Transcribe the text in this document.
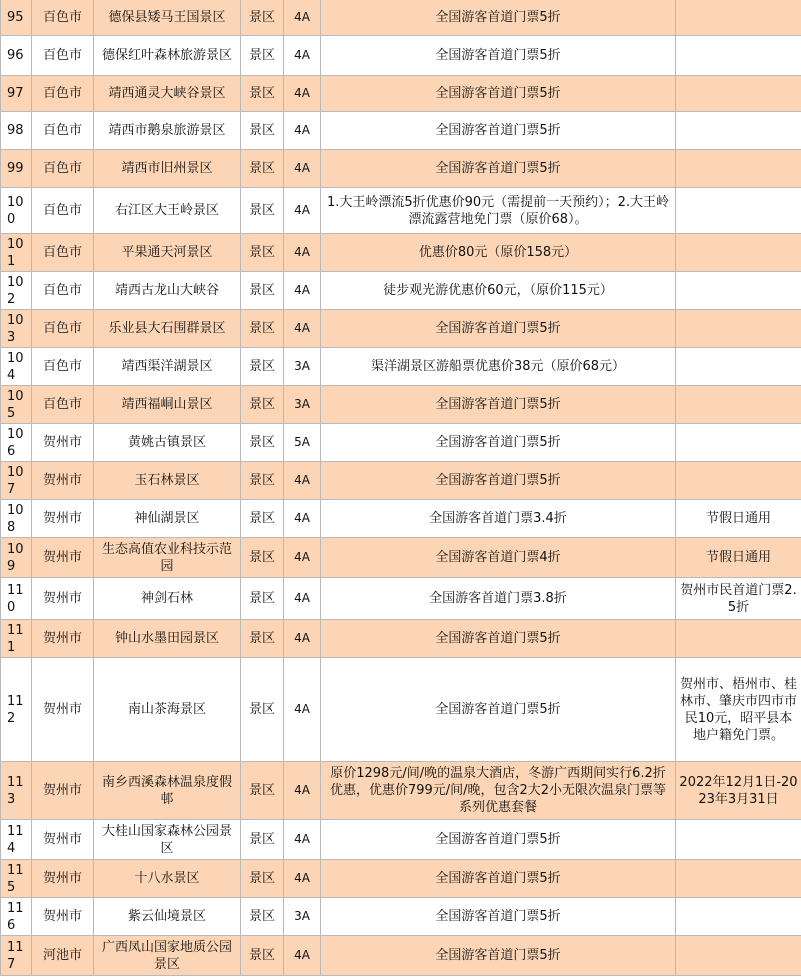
95	百色市	德保县矮马王国景区	景区	4A	全国游客首道门票5折	
96	百色市	德保红叶森林旅游景区	景区	4A	全国游客首道门票5折	
97	百色市	靖西通灵大峡谷景区	景区	4A	全国游客首道门票5折	
98	百色市	靖西市鹅泉旅游景区	景区	4A	全国游客首道门票5折	
99	百色市	靖西市旧州景区	景区	4A	全国游客首道门票5折	
100	百色市	右江区大王岭景区	景区	4A	1.大王岭漂流5折优惠价90元（需提前一天预约）；2.大王岭漂流露营地免门票（原价68）。	
101	百色市	平果通天河景区	景区	4A	优惠价80元（原价158元）	
102	百色市	靖西古龙山大峡谷	景区	4A	徒步观光游优惠价60元，（原价115元）	
103	百色市	乐业县大石围群景区	景区	4A	全国游客首道门票5折	
104	百色市	靖西渠洋湖景区	景区	3A	渠洋湖景区游船票优惠价38元（原价68元）	
105	百色市	靖西福峒山景区	景区	3A	全国游客首道门票5折	
106	贺州市	黄姚古镇景区	景区	5A	全国游客首道门票5折	
107	贺州市	玉石林景区	景区	4A	全国游客首道门票5折	
108	贺州市	神仙湖景区	景区	4A	全国游客首道门票3.4折	节假日通用
109	贺州市	生态高值农业科技示范园	景区	4A	全国游客首道门票4折	节假日通用
110	贺州市	神剑石林	景区	4A	全国游客首道门票3.8折	贺州市民首道门票2.5折
111	贺州市	钟山水墨田园景区	景区	4A	全国游客首道门票5折	
112	贺州市	南山茶海景区	景区	4A	全国游客首道门票5折	贺州市、梧州市、桂林市、肇庆市四市市民10元，昭平县本地户籍免门票。
113	贺州市	南乡西溪森林温泉度假邨	景区	4A	原价1298元/间/晚的温泉大酒店，冬游广西期间实行6.2折优惠，优惠价799元/间/晚，包含2大2小无限次温泉门票等系列优惠套餐	2022年12月1日-2023年3月31日
114	贺州市	大桂山国家森林公园景区	景区	4A	全国游客首道门票5折	
115	贺州市	十八水景区	景区	4A	全国游客首道门票5折	
116	贺州市	紫云仙境景区	景区	3A	全国游客首道门票5折	
117	河池市	广西凤山国家地质公园景区	景区	4A	全国游客首道门票5折	
